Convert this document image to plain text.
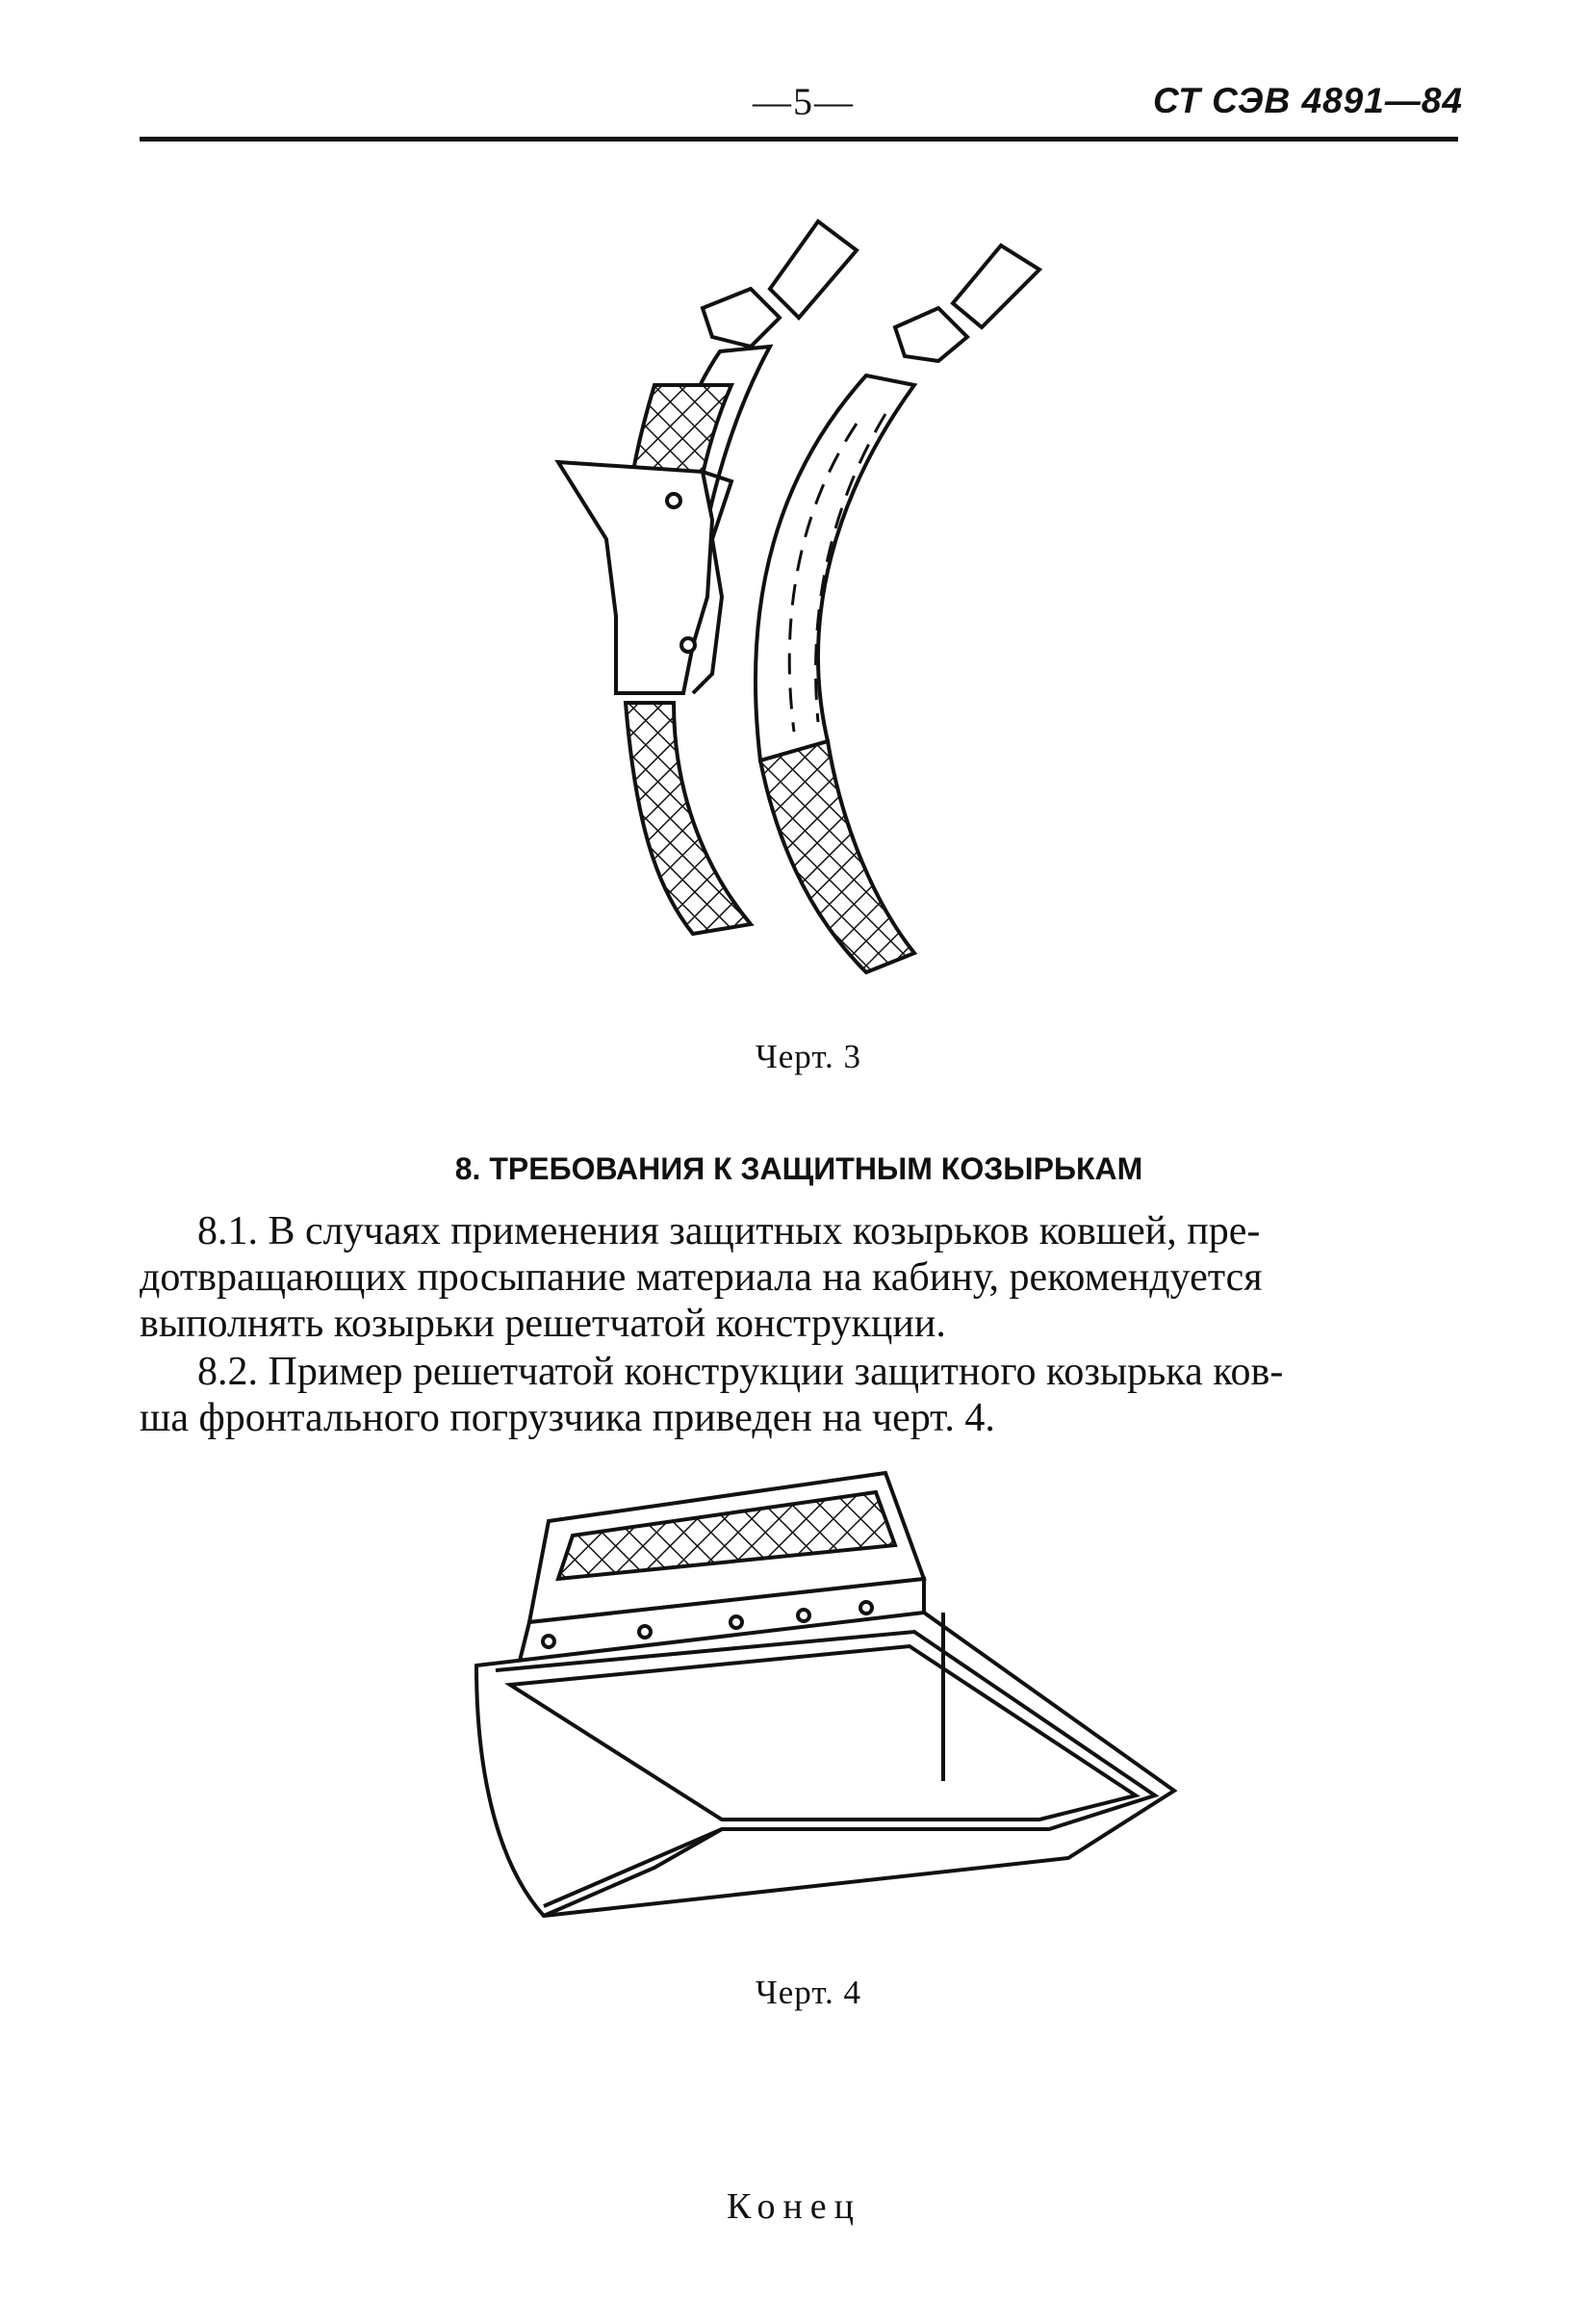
—5—	СТ СЭВ 4891—84
Черт. 3
8. ТРЕБОВАНИЯ К ЗАЩИТНЫМ КОЗЫРЬКАМ

8.1. В случаях применения защитных козырьков ковшей, пре-
дотвращающих просыпание материала на кабину, рекомендуется
выполнять козырьки решетчатой конструкции.

8.2. Пример решетчатой конструкции защитного козырька ков-
ша фронтального погрузчика приведен на черт. 4.

Черт. 4
Конец
